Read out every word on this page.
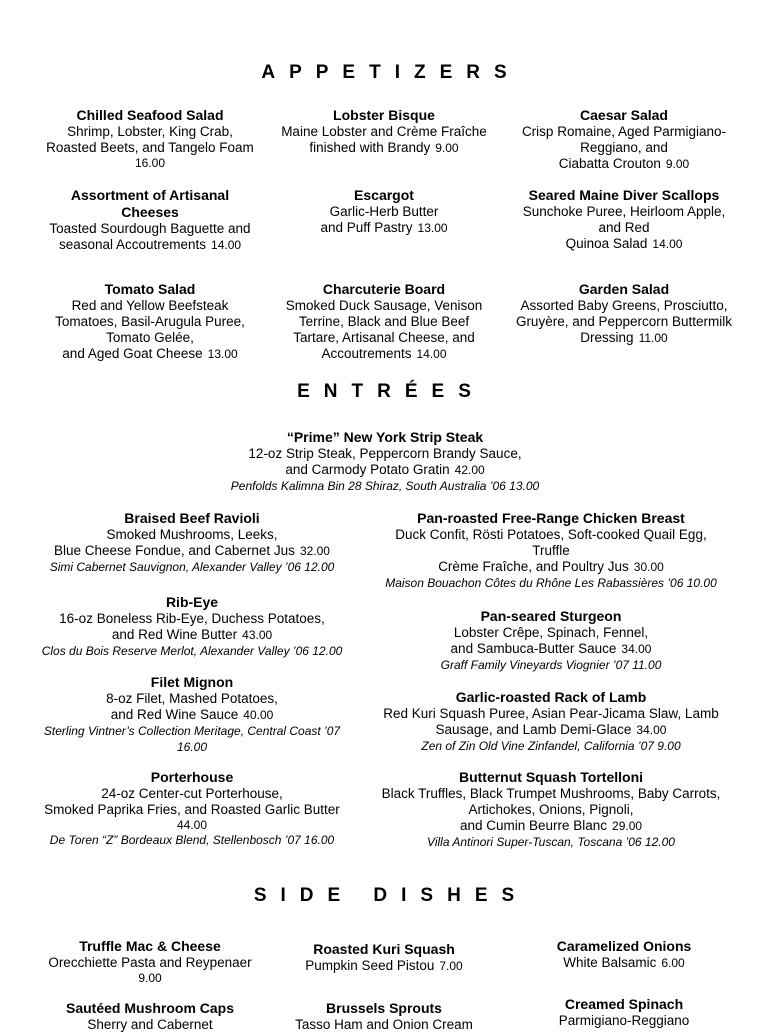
APPETIZERS
ENTRÉES
SIDE DISHES
Chilled Seafood Salad
Shrimp, Lobster, King Crab,
Roasted Beets, and Tangelo Foam
16.00
Lobster Bisque
Maine Lobster and Crème Fraîche
finished with Brandy 9.00
Caesar Salad
Crisp Romaine, Aged Parmigiano-
Reggiano, and
Ciabatta Crouton 9.00
Assortment of Artisanal Cheeses
Toasted Sourdough Baguette and
seasonal Accoutrements 14.00
Escargot
Garlic-Herb Butter
and Puff Pastry 13.00
Seared Maine Diver Scallops
Sunchoke Puree, Heirloom Apple,
and Red
Quinoa Salad 14.00
Tomato Salad
Red and Yellow Beefsteak
Tomatoes, Basil-Arugula Puree,
Tomato Gelée,
and Aged Goat Cheese 13.00
Charcuterie Board
Smoked Duck Sausage, Venison
Terrine, Black and Blue Beef
Tartare, Artisanal Cheese, and
Accoutrements 14.00
Garden Salad
Assorted Baby Greens, Prosciutto,
Gruyère, and Peppercorn Buttermilk
Dressing 11.00
“Prime” New York Strip Steak
12-oz Strip Steak, Peppercorn Brandy Sauce,
and Carmody Potato Gratin 42.00
Penfolds Kalimna Bin 28 Shiraz, South Australia ’06 13.00
Braised Beef Ravioli
Smoked Mushrooms, Leeks,
Blue Cheese Fondue, and Cabernet Jus 32.00
Simi Cabernet Sauvignon, Alexander Valley ’06 12.00
Pan-roasted Free-Range Chicken Breast
Duck Confit, Rösti Potatoes, Soft-cooked Quail Egg,
Truffle
Crème Fraîche, and Poultry Jus 30.00
Maison Bouachon Côtes du Rhône Les Rabassières ’06 10.00
Rib-Eye
16-oz Boneless Rib-Eye, Duchess Potatoes,
and Red Wine Butter 43.00
Clos du Bois Reserve Merlot, Alexander Valley ’06 12.00
Pan-seared Sturgeon
Lobster Crêpe, Spinach, Fennel,
and Sambuca-Butter Sauce 34.00
Graff Family Vineyards Viognier ’07 11.00
Filet Mignon
8-oz Filet, Mashed Potatoes,
and Red Wine Sauce 40.00
Sterling Vintner’s Collection Meritage, Central Coast ’07
16.00
Garlic-roasted Rack of Lamb
Red Kuri Squash Puree, Asian Pear-Jicama Slaw, Lamb
Sausage, and Lamb Demi-Glace 34.00
Zen of Zin Old Vine Zinfandel, California ’07 9.00
Porterhouse
24-oz Center-cut Porterhouse,
Smoked Paprika Fries, and Roasted Garlic Butter
44.00
De Toren “Z” Bordeaux Blend, Stellenbosch ’07 16.00
Butternut Squash Tortelloni
Black Truffles, Black Trumpet Mushrooms, Baby Carrots,
Artichokes, Onions, Pignoli,
and Cumin Beurre Blanc 29.00
Villa Antinori Super-Tuscan, Toscana ’06 12.00
Truffle Mac & Cheese
Orecchiette Pasta and Reypenaer
9.00
Roasted Kuri Squash
Pumpkin Seed Pistou 7.00
Caramelized Onions
White Balsamic 6.00
Sautéed Mushroom Caps
Sherry and Cabernet
Brussels Sprouts
Tasso Ham and Onion Cream
Creamed Spinach
Parmigiano-Reggiano
